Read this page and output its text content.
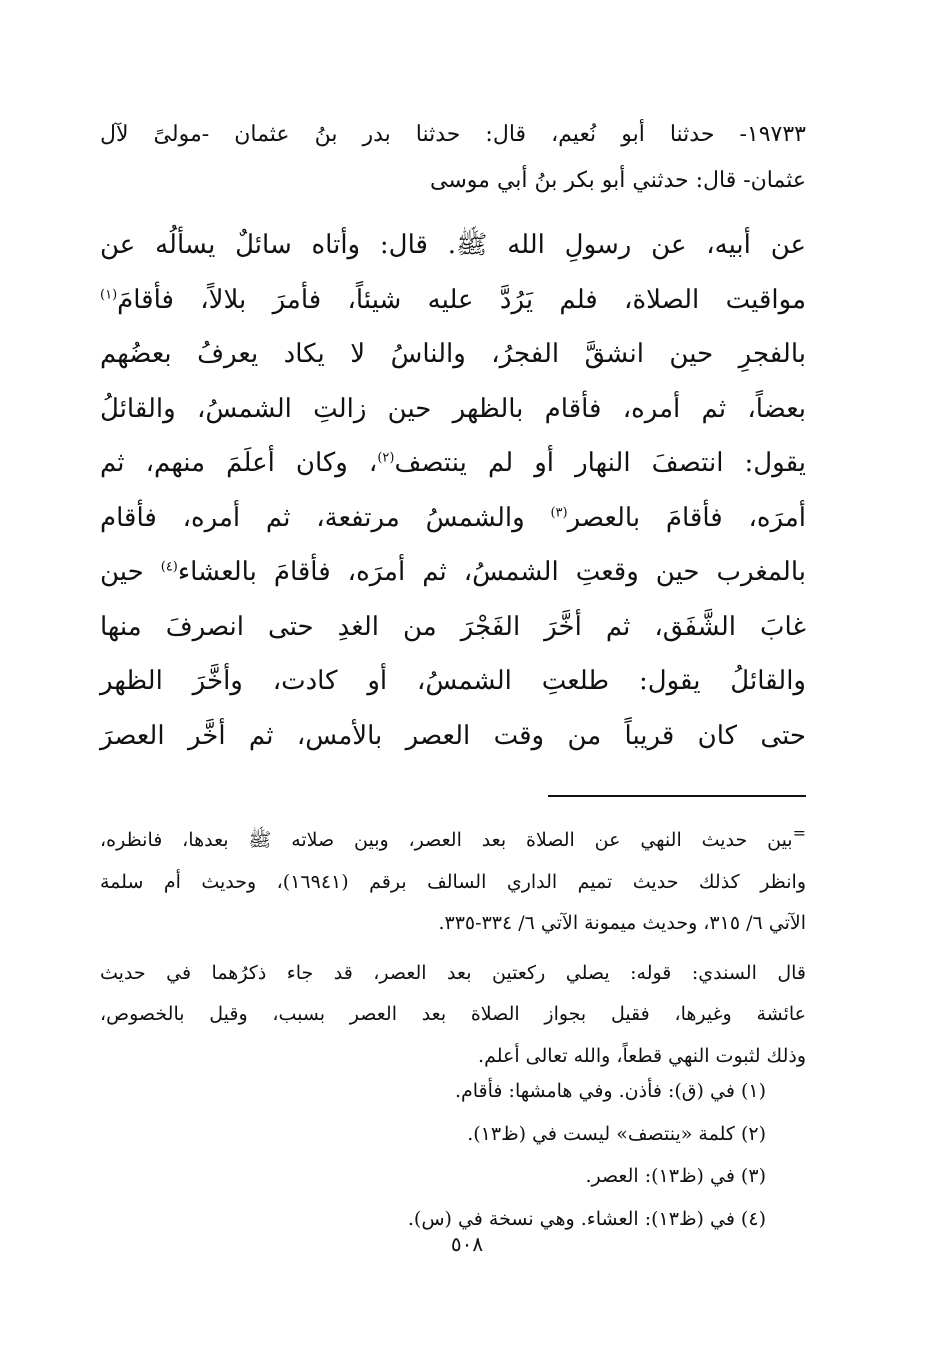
١٩٧٣٣- حدثنا أبو نُعيم، قال: حدثنا بدر بنُ عثمان -مولىً لآل
عثمان- قال: حدثني أبو بكر بنُ أبي موسى
عن أبيه، عن رسولِ الله ﷺ. قال: وأتاه سائلٌ يسألُه عن
مواقيت الصلاة، فلم يَرُدَّ عليه شيئاً، فأمرَ بلالاً، فأقامَ$^{(١)}$
بالفجرِ حين انشقَّ الفجرُ، والناسُ لا يكاد يعرفُ بعضُهم
بعضاً، ثم أمره، فأقام بالظهر حين زالتِ الشمسُ، والقائلُ
يقول: انتصفَ النهار أو لم ينتصف$^{(٢)}$، وكان أعلَمَ منهم، ثم
أمرَه، فأقامَ بالعصر$^{(٣)}$ والشمسُ مرتفعة، ثم أمره، فأقام
بالمغرب حين وقعتِ الشمسُ، ثم أمرَه، فأقامَ بالعشاء$^{(٤)}$ حين
غابَ الشَّفَق، ثم أخَّرَ الفَجْرَ من الغدِ حتى انصرفَ منها
والقائلُ يقول: طلعتِ الشمسُ، أو كادت، وأخَّرَ الظهر
حتى كان قريباً من وقت العصر بالأمس، ثم أخَّر العصرَ
=بين حديث النهي عن الصلاة بعد العصر، وبين صلاته ﷺ بعدها، فانظره،
وانظر كذلك حديث تميم الداري السالف برقم (١٦٩٤١)، وحديث أم سلمة
الآتي ٦/ ٣١٥، وحديث ميمونة الآتي ٦/ ٣٣٤-٣٣٥.
قال السندي: قوله: يصلي ركعتين بعد العصر، قد جاء ذكرُهما في حديث
عائشة وغيرها، فقيل بجواز الصلاة بعد العصر بسبب، وقيل بالخصوص،
وذلك لثبوت النهي قطعاً، والله تعالى أعلم.
(١) في (ق): فأذن. وفي هامشها: فأقام.
(٢) كلمة «ينتصف» ليست في (ظ١٣).
(٣) في (ظ١٣): العصر.
(٤) في (ظ١٣): العشاء. وهي نسخة في (س).
٥٠٨
